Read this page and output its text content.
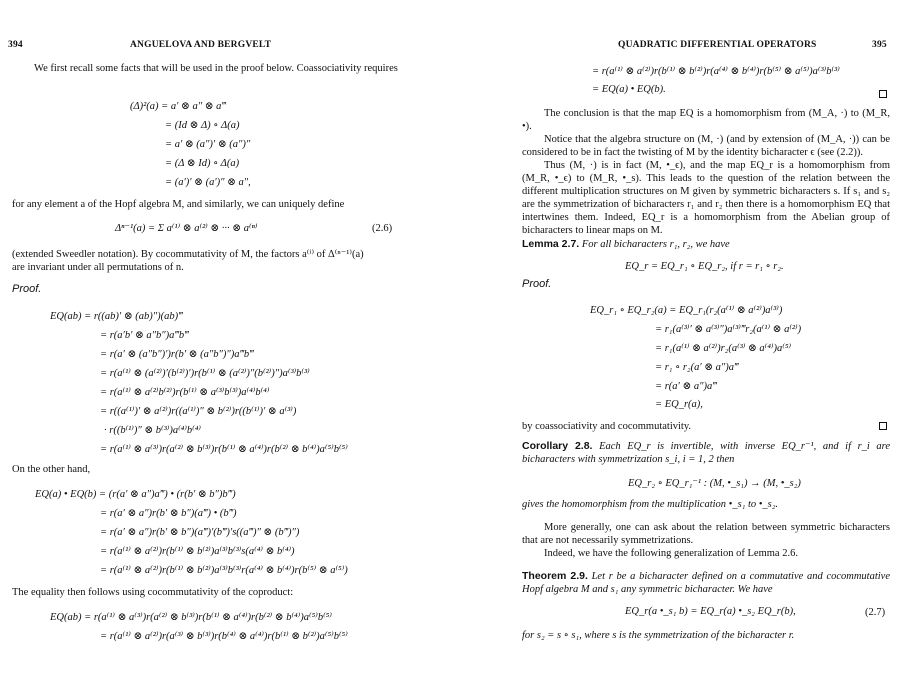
394	ANGUELOVA AND BERGVELT
We first recall some facts that will be used in the proof below. Coassociativity requires
(Δ)²(a) = a′ ⊗ a″ ⊗ a‴
= (Id ⊗ Δ) ∘ Δ(a)
= a′ ⊗ (a″)′ ⊗ (a″)″
= (Δ ⊗ Id) ∘ Δ(a)
= (a′)′ ⊗ (a′)″ ⊗ a″,
for any element a of the Hopf algebra M, and similarly, we can uniquely define
Δⁿ⁻¹(a) = Σ a⁽¹⁾ ⊗ a⁽²⁾ ⊗ ··· ⊗ a⁽ⁿ⁾	(2.6)
(extended Sweedler notation). By cocommutativity of M, the factors a⁽ⁱ⁾ of Δ⁽ⁿ⁻¹⁾(a)
are invariant under all permutations of n.
Proof.
EQ(ab) = r((ab)′ ⊗ (ab)″)(ab)‴
= r(a′b′ ⊗ a″b″)a‴b‴
= r(a′ ⊗ (a″b″)′)r(b′ ⊗ (a″b″)″)a‴b‴
= r(a⁽¹⁾ ⊗ (a⁽²⁾)′(b⁽²⁾)′)r(b⁽¹⁾ ⊗ (a⁽²⁾)″(b⁽²⁾)″)a⁽³⁾b⁽³⁾
= r(a⁽¹⁾ ⊗ a⁽²⁾b⁽²⁾)r(b⁽¹⁾ ⊗ a⁽³⁾b⁽³⁾)a⁽⁴⁾b⁽⁴⁾
= r((a⁽¹⁾)′ ⊗ a⁽²⁾)r((a⁽¹⁾)″ ⊗ b⁽²⁾)r((b⁽¹⁾)′ ⊗ a⁽³⁾)
· r((b⁽¹⁾)″ ⊗ b⁽³⁾)a⁽⁴⁾b⁽⁴⁾
= r(a⁽¹⁾ ⊗ a⁽³⁾)r(a⁽²⁾ ⊗ b⁽³⁾)r(b⁽¹⁾ ⊗ a⁽⁴⁾)r(b⁽²⁾ ⊗ b⁽⁴⁾)a⁽⁵⁾b⁽⁵⁾
On the other hand,
EQ(a) • EQ(b) = (r(a′ ⊗ a″)a‴) • (r(b′ ⊗ b″)b‴)
= r(a′ ⊗ a″)r(b′ ⊗ b″)(a‴) • (b‴)
= r(a′ ⊗ a″)r(b′ ⊗ b″)(a‴)′(b‴)′s((a‴)″ ⊗ (b‴)″)
= r(a⁽¹⁾ ⊗ a⁽²⁾)r(b⁽¹⁾ ⊗ b⁽²⁾)a⁽³⁾b⁽³⁾s(a⁽⁴⁾ ⊗ b⁽⁴⁾)
= r(a⁽¹⁾ ⊗ a⁽²⁾)r(b⁽¹⁾ ⊗ b⁽²⁾)a⁽³⁾b⁽³⁾r(a⁽⁴⁾ ⊗ b⁽⁴⁾)r(b⁽⁵⁾ ⊗ a⁽⁵⁾)
The equality then follows using cocommutativity of the coproduct:
EQ(ab) = r(a⁽¹⁾ ⊗ a⁽³⁾)r(a⁽²⁾ ⊗ b⁽³⁾)r(b⁽¹⁾ ⊗ a⁽⁴⁾)r(b⁽²⁾ ⊗ b⁽⁴⁾)a⁽⁵⁾b⁽⁵⁾
= r(a⁽¹⁾ ⊗ a⁽²⁾)r(a⁽³⁾ ⊗ b⁽³⁾)r(b⁽⁴⁾ ⊗ a⁽⁴⁾)r(b⁽¹⁾ ⊗ b⁽²⁾)a⁽⁵⁾b⁽⁵⁾
QUADRATIC DIFFERENTIAL OPERATORS	395
= r(a⁽¹⁾ ⊗ a⁽²⁾)r(b⁽¹⁾ ⊗ b⁽²⁾)r(a⁽⁴⁾ ⊗ b⁽⁴⁾)r(b⁽⁵⁾ ⊗ a⁽⁵⁾)a⁽³⁾b⁽³⁾
= EQ(a) • EQ(b).
The conclusion is that the map EQ is a homomorphism from (M_A, ·) to (M_R, •).
Notice that the algebra structure on (M, ·) (and by extension of (M_A, ·)) can be considered to be in fact the twisting of M by the identity bicharacter ϵ (see (2.2)).
Thus (M, ·) is in fact (M, •_ϵ), and the map EQ_r is a homomorphism from (M_R, •_ϵ) to (M_R, •_s). This leads to the question of the relation between the different multiplication structures on M given by symmetric bicharacters s. If s₁ and s₂ are the symmetrization of bicharacters r₁ and r₂ then there is a homomorphism EQ that intertwines them. Indeed, EQ_r is a homomorphism from the Abelian group of bicharacters to linear maps on M.
Lemma 2.7. For all bicharacters r₁, r₂, we have
EQ_r = EQ_r₁ ∘ EQ_r₂, if r = r₁ ∘ r₂.
Proof.
EQ_r₁ ∘ EQ_r₂(a) = EQ_r₁(r₂(a⁽¹⁾ ⊗ a⁽²⁾)a⁽³⁾)
= r₁(a⁽³⁾′ ⊗ a⁽³⁾″)a⁽³⁾‴r₂(a⁽¹⁾ ⊗ a⁽²⁾)
= r₁(a⁽¹⁾ ⊗ a⁽²⁾)r₂(a⁽³⁾ ⊗ a⁽⁴⁾)a⁽⁵⁾
= r₁ ∘ r₂(a′ ⊗ a″)a‴
= r(a′ ⊗ a″)a‴
= EQ_r(a),
by coassociativity and cocommutativity.
Corollary 2.8. Each EQ_r is invertible, with inverse EQ_r⁻¹, and if r_i are bicharacters with symmetrization s_i, i = 1, 2 then
EQ_r₂ ∘ EQ_r₁⁻¹ : (M, •_s₁) → (M, •_s₂)
gives the homomorphism from the multiplication •_s₁ to •_s₂.
More generally, one can ask about the relation between symmetric bicharacters that are not necessarily symmetrizations.
Indeed, we have the following generalization of Lemma 2.6.
Theorem 2.9. Let r be a bicharacter defined on a commutative and cocommutative Hopf algebra M and s₁ any symmetric bicharacter. We have
EQ_r(a •_s₁ b) = EQ_r(a) •_s₂ EQ_r(b),	(2.7)
for s₂ = s ∘ s₁, where s is the symmetrization of the bicharacter r.
